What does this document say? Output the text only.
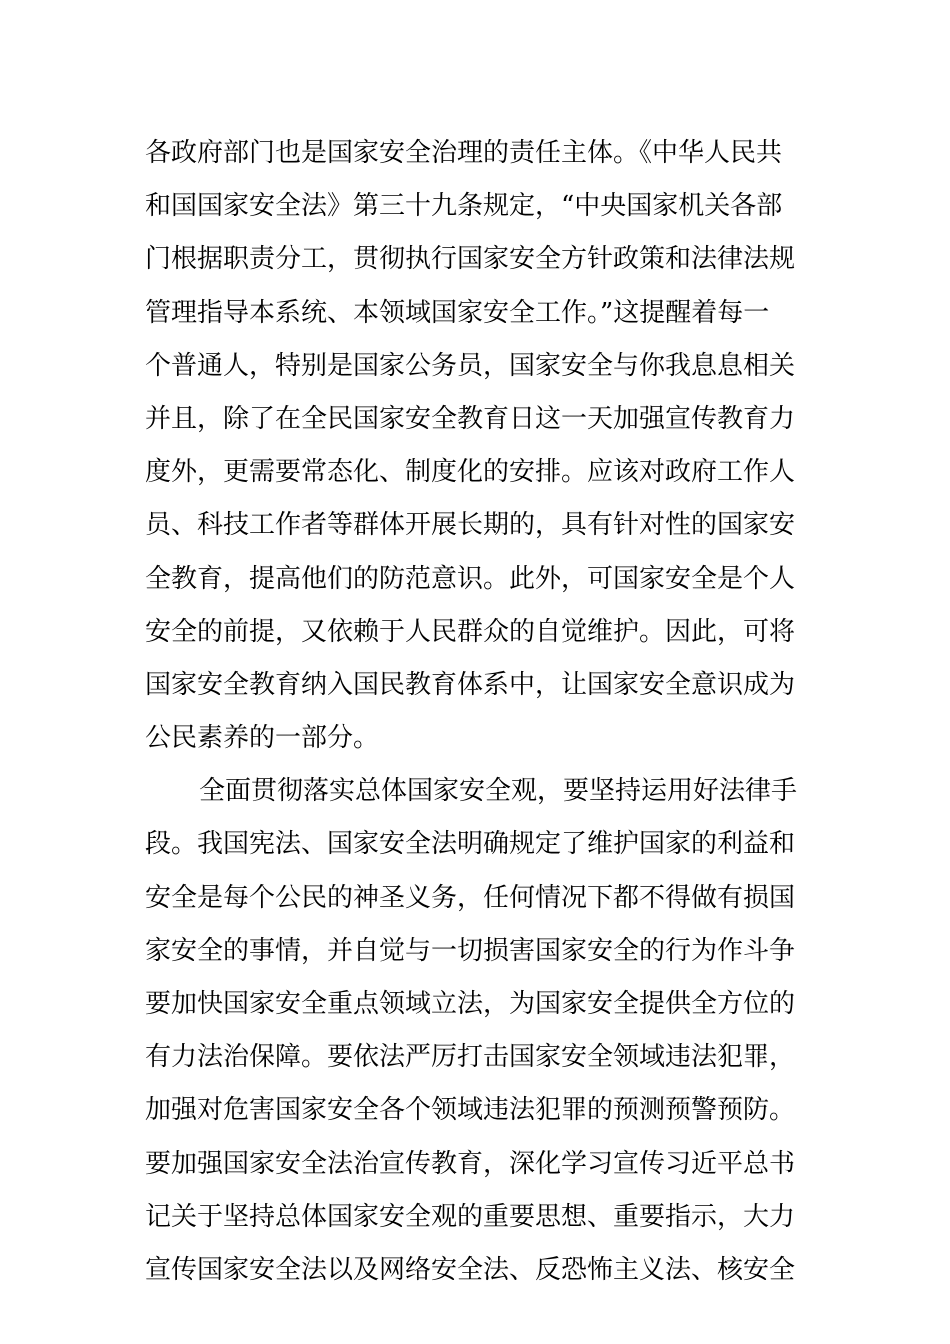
各政府部门也是国家安全治理的责任主体。《中华人民共
和国国家安全法》第三十九条规定，“中央国家机关各部
门根据职责分工，贯彻执行国家安全方针政策和法律法规
管理指导本系统、本领域国家安全工作。”这提醒着每一
个普通人，特别是国家公务员，国家安全与你我息息相关
并且，除了在全民国家安全教育日这一天加强宣传教育力
度外，更需要常态化、制度化的安排。应该对政府工作人
员、科技工作者等群体开展长期的，具有针对性的国家安
全教育，提高他们的防范意识。此外，可国家安全是个人
安全的前提，又依赖于人民群众的自觉维护。因此，可将
国家安全教育纳入国民教育体系中，让国家安全意识成为
公民素养的一部分。
全面贯彻落实总体国家安全观，要坚持运用好法律手
段。我国宪法、国家安全法明确规定了维护国家的利益和
安全是每个公民的神圣义务，任何情况下都不得做有损国
家安全的事情，并自觉与一切损害国家安全的行为作斗争
要加快国家安全重点领域立法，为国家安全提供全方位的
有力法治保障。要依法严厉打击国家安全领域违法犯罪，
加强对危害国家安全各个领域违法犯罪的预测预警预防。
要加强国家安全法治宣传教育，深化学习宣传习近平总书
记关于坚持总体国家安全观的重要思想、重要指示，大力
宣传国家安全法以及网络安全法、反恐怖主义法、核安全
